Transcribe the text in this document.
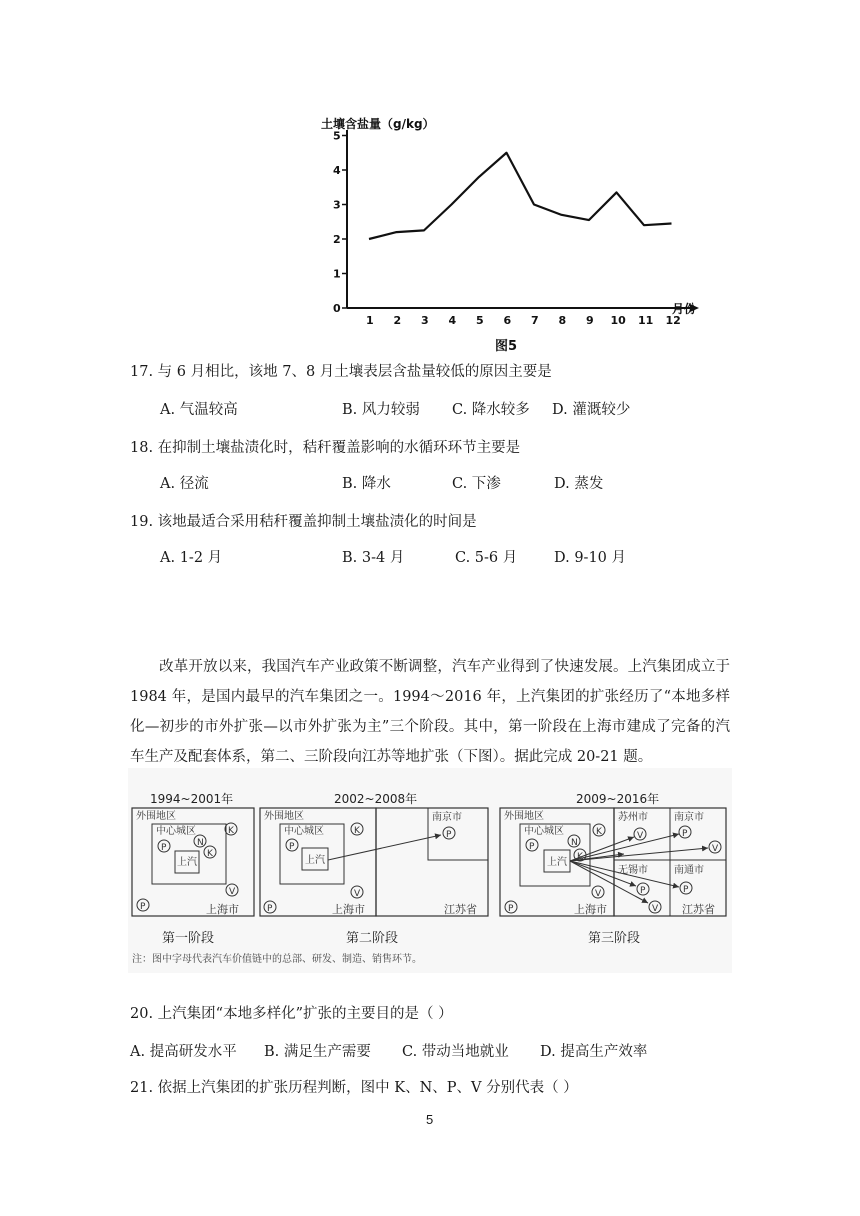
土壤含盐量（g/kg）
月份
0
1
2
3
4
5
1 2 3 4 5 6 7 8 9 10 11 12
图5
17. 与 6 月相比，该地 7、8 月土壤表层含盐量较低的原因主要是
A. 气温较高	B. 风力较弱 C. 降水较多 D. 灌溉较少
18. 在抑制土壤盐渍化时，秸秆覆盖影响的水循环环节主要是
A. 径流	B. 降水	C. 下渗	D. 蒸发
19. 该地最适合采用秸秆覆盖抑制土壤盐渍化的时间是
A. 1-2 月	B. 3-4 月	C. 5-6 月	D. 9-10 月
改革开放以来，我国汽车产业政策不断调整，汽车产业得到了快速发展。上汽集团成立于 1984 年，是国内最早的汽车集团之一。1994～2016 年，上汽集团的扩张经历了“本地多样化—初步的市外扩张—以市外扩张为主”三个阶段。其中，第一阶段在上海市建成了完备的汽车生产及配套体系，第二、三阶段向江苏等地扩张（下图）。据此完成 20-21 题。
1994~2001年
外围地区
中心城区
上汽
N
P
K
K
V
P	上海市
第一阶段
2002~2008年
外围地区
中心城区
上汽
P
K
V
P
南京市
P
上海市	江苏省
第二阶段
2009~2016年
外围地区
中心城区
上汽
P	N
K
K
V
P
苏州市	南京市
无锡市	南通市
V	P
V
P
V
P
上海市	江苏省
第三阶段
注：图中字母代表汽车价值链中的总部、研发、制造、销售环节。
20. 上汽集团“本地多样化”扩张的主要目的是（ ）
A. 提高研发水平 B. 满足生产需要 C. 带动当地就业 D. 提高生产效率
21. 依据上汽集团的扩张历程判断，图中 K、N、P、V 分别代表（ ）
5
